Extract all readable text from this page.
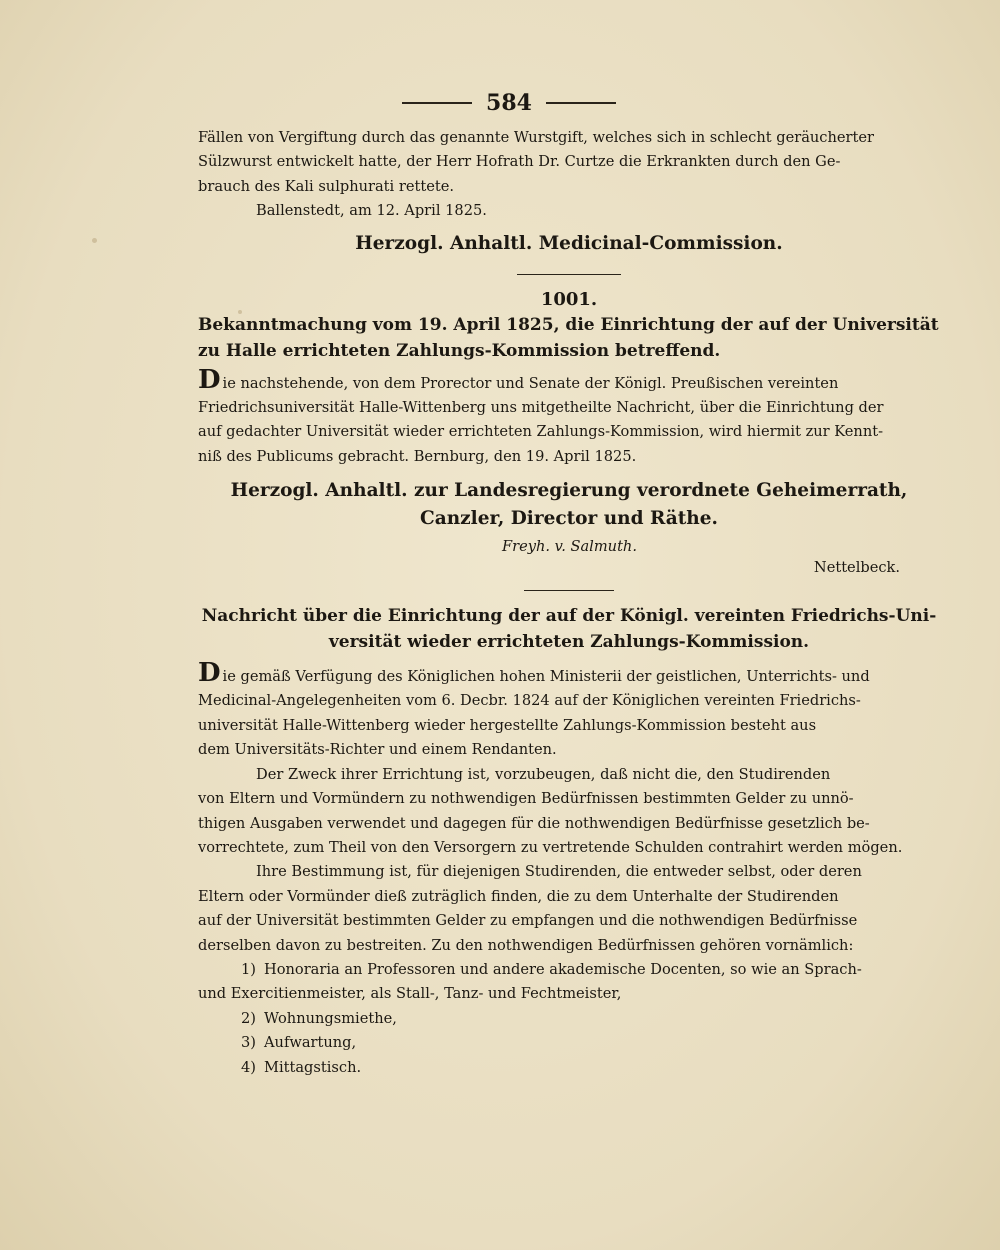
584

Fällen von Vergiftung durch das genannte Wurstgift, welches sich in schlecht geräucherter

Sülzwurst entwickelt hatte, der Herr Hofrath Dr. Curtze die Erkrankten durch den Ge-

brauch des Kali sulphurati rettete.

Ballenstedt, am 12. April 1825.

Herzogl. Anhaltl. Medicinal-Commission.
1001.

Bekanntmachung vom 19. April 1825, die Einrichtung der auf der Universität

zu Halle errichteten Zahlungs-Kommission betreffend.

Die nachstehende, von dem Prorector und Senate der Königl. Preußischen vereinten

Friedrichsuniversität Halle-Wittenberg uns mitgetheilte Nachricht, über die Einrichtung der

auf gedachter Universität wieder errichteten Zahlungs-Kommission, wird hiermit zur Kennt-

niß des Publicums gebracht. Bernburg, den 19. April 1825.

Herzogl. Anhaltl. zur Landesregierung verordnete Geheimerrath,
Canzler, Director und Räthe.
Freyh. v. Salmuth.
Nettelbeck.

Nachricht über die Einrichtung der auf der Königl. vereinten Friedrichs-Uni-

versität wieder errichteten Zahlungs-Kommission.

Die gemäß Verfügung des Königlichen hohen Ministerii der geistlichen, Unterrichts- und

Medicinal-Angelegenheiten vom 6. Decbr. 1824 auf der Königlichen vereinten Friedrichs-

universität Halle-Wittenberg wieder hergestellte Zahlungs-Kommission besteht aus

dem Universitäts-Richter und einem Rendanten.

Der Zweck ihrer Errichtung ist, vorzubeugen, daß nicht die, den Studirenden

von Eltern und Vormündern zu nothwendigen Bedürfnissen bestimmten Gelder zu unnö-

thigen Ausgaben verwendet und dagegen für die nothwendigen Bedürfnisse gesetzlich be-

vorrechtete, zum Theil von den Versorgern zu vertretende Schulden contrahirt werden mögen.

Ihre Bestimmung ist, für diejenigen Studirenden, die entweder selbst, oder deren

Eltern oder Vormünder dieß zuträglich finden, die zu dem Unterhalte der Studirenden

auf der Universität bestimmten Gelder zu empfangen und die nothwendigen Bedürfnisse

derselben davon zu bestreiten. Zu den nothwendigen Bedürfnissen gehören vornämlich:

1) Honoraria an Professoren und andere akademische Docenten, so wie an Sprach-

und Exercitienmeister, als Stall-, Tanz- und Fechtmeister,

2) Wohnungsmiethe,
3) Aufwartung,
4) Mittagstisch.
